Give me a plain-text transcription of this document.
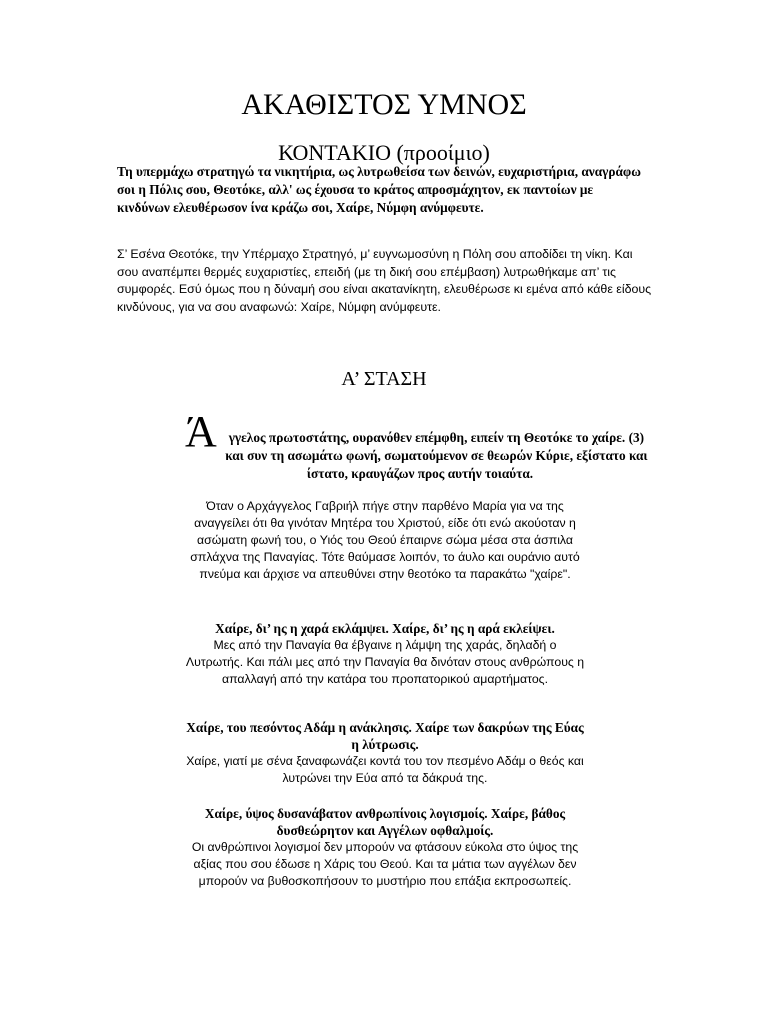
ΑΚΑΘΙΣΤΟΣ ΥΜΝΟΣ
ΚΟΝΤΑΚΙΟ (προοίμιο)

Τη υπερμάχω στρατηγώ τα νικητήρια, ως λυτρωθείσα των δεινών, ευχαριστήρια, αναγράφω σοι η Πόλις σου, Θεοτόκε, αλλ' ως έχουσα το κράτος απροσμάχητον, εκ παντοίων με κινδύνων ελευθέρωσον ίνα κράζω σοι, Χαίρε, Νύμφη ανύμφευτε.

Σ’ Εσένα Θεοτόκε, την Υπέρμαχο Στρατηγό, μ’ ευγνωμοσύνη η Πόλη σου αποδίδει τη νίκη. Και σου αναπέμπει θερμές ευχαριστίες, επειδή (με τη δική σου επέμβαση) λυτρωθήκαμε απ’ τις συμφορές. Εσύ όμως που η δύναμή σου είναι ακατανίκητη, ελευθέρωσε κι εμένα από κάθε είδους κινδύνους, για να σου αναφωνώ: Χαίρε, Νύμφη ανύμφευτε.

Α’ ΣΤΑΣΗ
Ά γγελος πρωτοστάτης, ουρανόθεν επέμφθη, ειπείν τη Θεοτόκε το χαίρε. (3) και συν τη ασωμάτω φωνή, σωματούμενον σε θεωρών Κύριε, εξίστατο και ίστατο, κραυγάζων προς αυτήν τοιαύτα.
Όταν ο Αρχάγγελος Γαβριήλ πήγε στην παρθένο Μαρία για να της αναγγείλει ότι θα γινόταν Μητέρα του Χριστού, είδε ότι ενώ ακούοταν η ασώματη φωνή του, ο Υιός του Θεού έπαιρνε σώμα μέσα στα άσπιλα σπλάχνα της Παναγίας. Τότε θαύμασε λοιπόν, το άυλο και ουράνιο αυτό πνεύμα και άρχισε να απευθύνει στην θεοτόκο τα παρακάτω "χαίρε".
Χαίρε, δι’ ης η χαρά εκλάμψει. Χαίρε, δι’ ης η αρά εκλείψει.
Μες από την Παναγία θα έβγαινε η λάμψη της χαράς, δηλαδή ο Λυτρωτής. Και πάλι μες από την Παναγία θα δινόταν στους ανθρώπους η απαλλαγή από την κατάρα του προπατορικού αμαρτήματος.
Χαίρε, του πεσόντος Αδάμ η ανάκλησις. Χαίρε των δακρύων της Εύας η λύτρωσις.
Χαίρε, γιατί με σένα ξαναφωνάζει κοντά του τον πεσμένο Αδάμ ο θεός και λυτρώνει την Εύα από τα δάκρυά της.
Χαίρε, ύψος δυσανάβατον ανθρωπίνοις λογισμοίς. Χαίρε, βάθος δυσθεώρητον και Αγγέλων οφθαλμοίς.
Οι ανθρώπινοι λογισμοί δεν μπορούν να φτάσουν εύκολα στο ύψος της αξίας που σου έδωσε η Χάρις του Θεού. Και τα μάτια των αγγέλων δεν μπορούν να βυθοσκοπήσουν το μυστήριο που επάξια εκπροσωπείς.
